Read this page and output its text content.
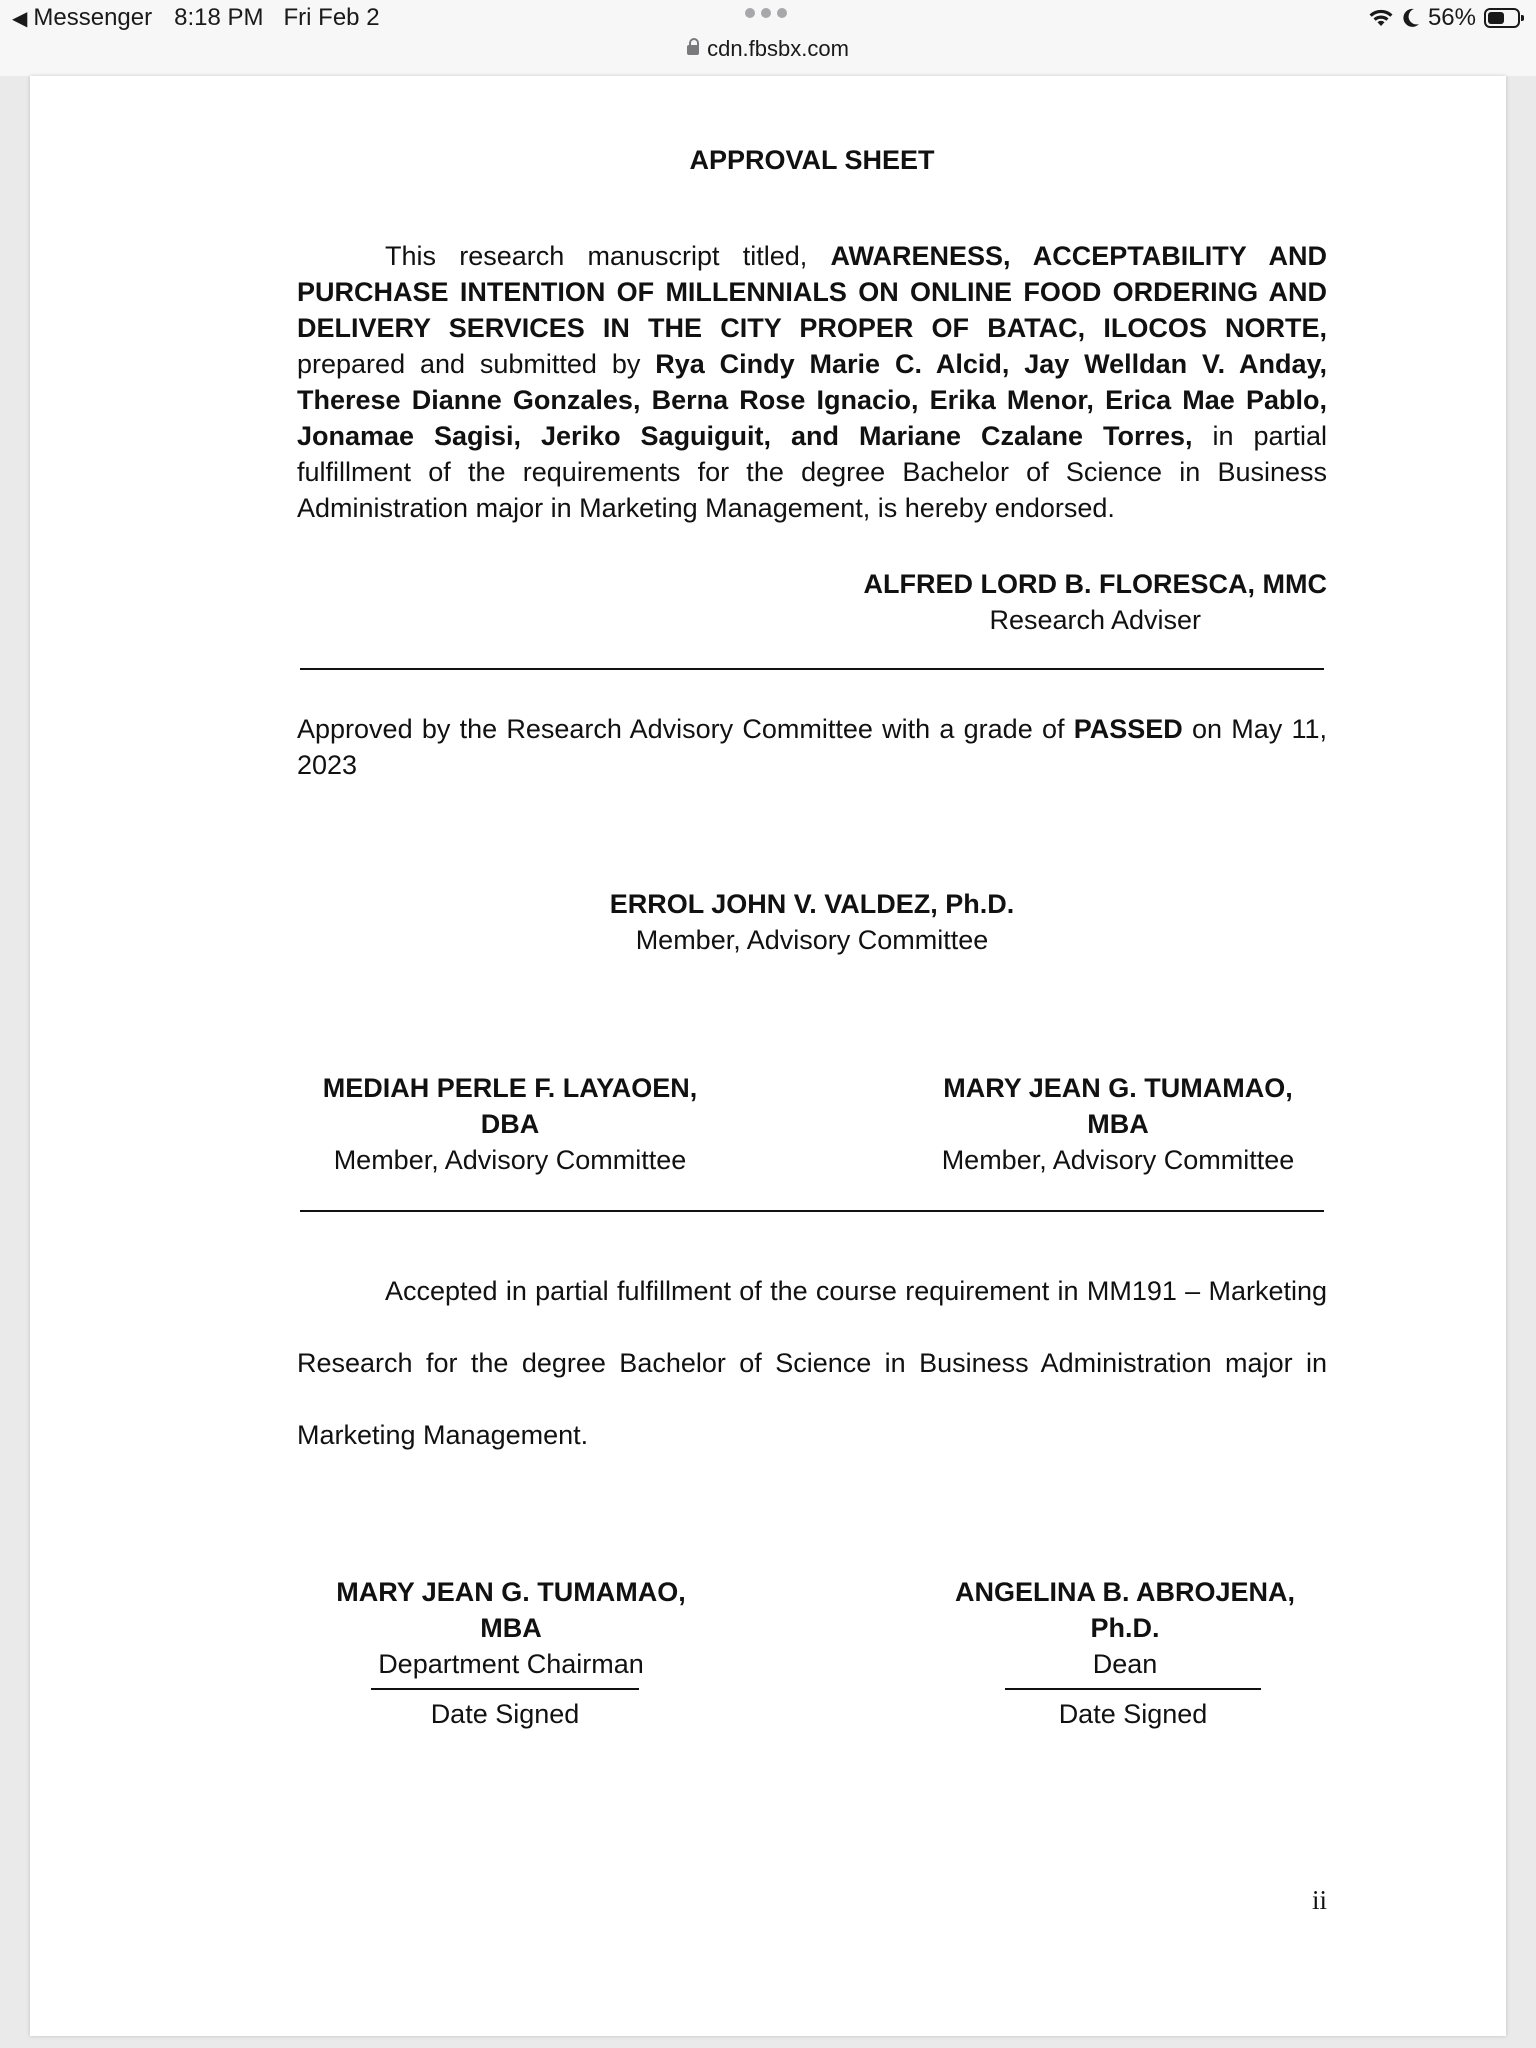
◀ Messenger 8:18 PM Fri Feb 2
cdn.fbsbx.com
56%
APPROVAL SHEET
This research manuscript titled, AWARENESS, ACCEPTABILITY AND PURCHASE INTENTION OF MILLENNIALS ON ONLINE FOOD ORDERING AND DELIVERY SERVICES IN THE CITY PROPER OF BATAC, ILOCOS NORTE, prepared and submitted by Rya Cindy Marie C. Alcid, Jay Welldan V. Anday, Therese Dianne Gonzales, Berna Rose Ignacio, Erika Menor, Erica Mae Pablo, Jonamae Sagisi, Jeriko Saguiguit, and Mariane Czalane Torres, in partial fulfillment of the requirements for the degree Bachelor of Science in Business Administration major in Marketing Management, is hereby endorsed.
ALFRED LORD B. FLORESCA, MMC
Research Adviser
Approved by the Research Advisory Committee with a grade of PASSED on May 11, 2023
ERROL JOHN V. VALDEZ, Ph.D.
Member, Advisory Committee
MEDIAH PERLE F. LAYAOEN, DBA
Member, Advisory Committee
MARY JEAN G. TUMAMAO, MBA
Member, Advisory Committee
Accepted in partial fulfillment of the course requirement in MM191 – Marketing Research for the degree Bachelor of Science in Business Administration major in Marketing Management.
MARY JEAN G. TUMAMAO, MBA
Department Chairman
ANGELINA B. ABROJENA, Ph.D.
Dean
Date Signed	Date Signed
ii
